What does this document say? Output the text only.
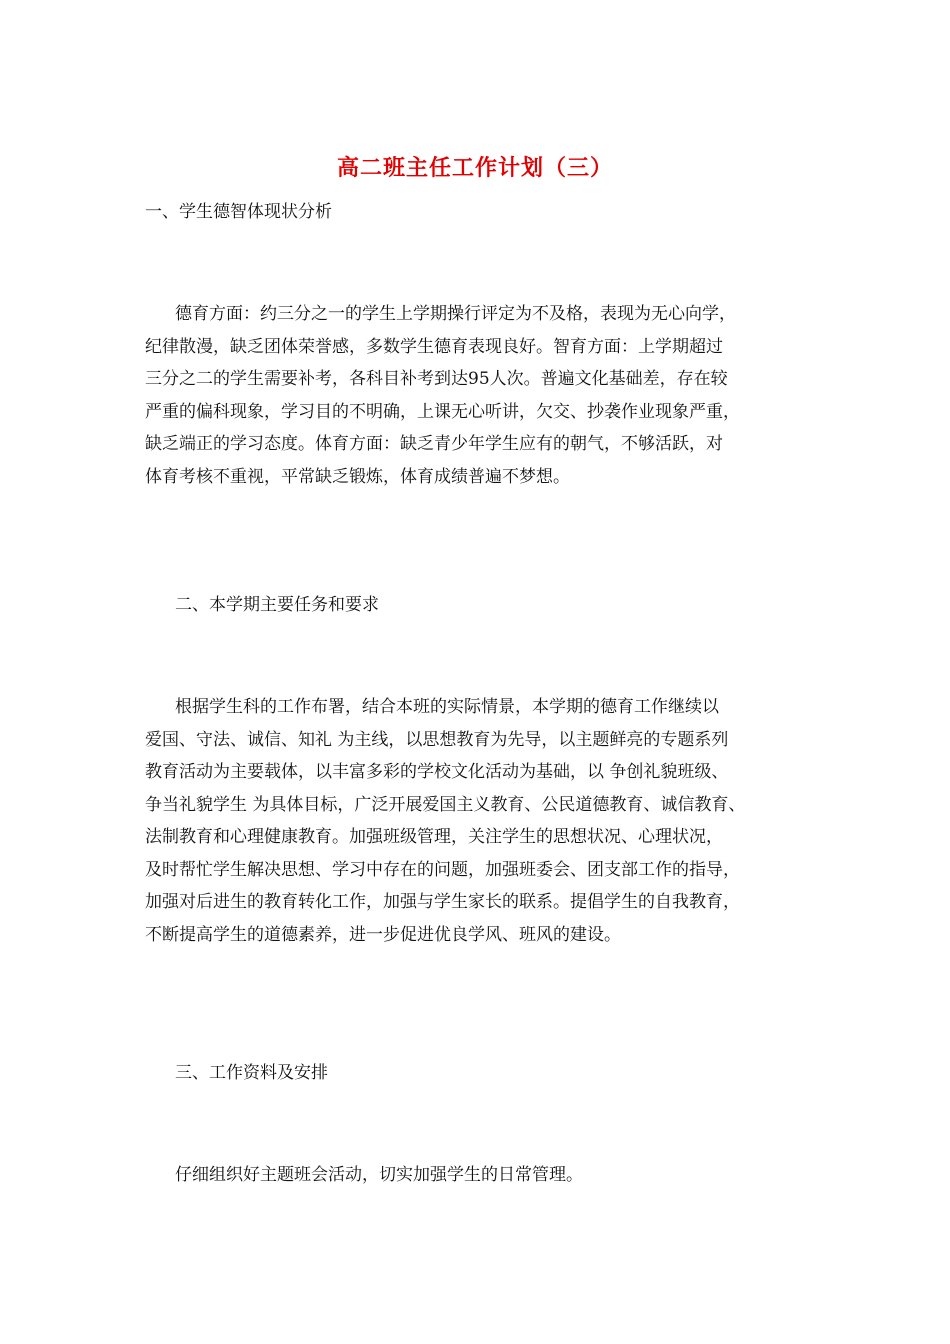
高二班主任工作计划（三）
一、学生德智体现状分析
德育方面：约三分之一的学生上学期操行评定为不及格，表现为无心向学，
纪律散漫，缺乏团体荣誉感，多数学生德育表现良好。智育方面：上学期超过
三分之二的学生需要补考，各科目补考到达95人次。普遍文化基础差，存在较
严重的偏科现象，学习目的不明确，上课无心听讲，欠交、抄袭作业现象严重，
缺乏端正的学习态度。体育方面：缺乏青少年学生应有的朝气，不够活跃，对
体育考核不重视，平常缺乏锻炼，体育成绩普遍不梦想。
二、本学期主要任务和要求
根据学生科的工作布署，结合本班的实际情景，本学期的德育工作继续以
爱国、守法、诚信、知礼 为主线，以思想教育为先导，以主题鲜亮的专题系列
教育活动为主要载体，以丰富多彩的学校文化活动为基础，以 争创礼貌班级、
争当礼貌学生 为具体目标，广泛开展爱国主义教育、公民道德教育、诚信教育、
法制教育和心理健康教育。加强班级管理，关注学生的思想状况、心理状况，
及时帮忙学生解决思想、学习中存在的问题，加强班委会、团支部工作的指导，
加强对后进生的教育转化工作，加强与学生家长的联系。提倡学生的自我教育，
不断提高学生的道德素养，进一步促进优良学风、班风的建设。
三、工作资料及安排
仔细组织好主题班会活动，切实加强学生的日常管理。
